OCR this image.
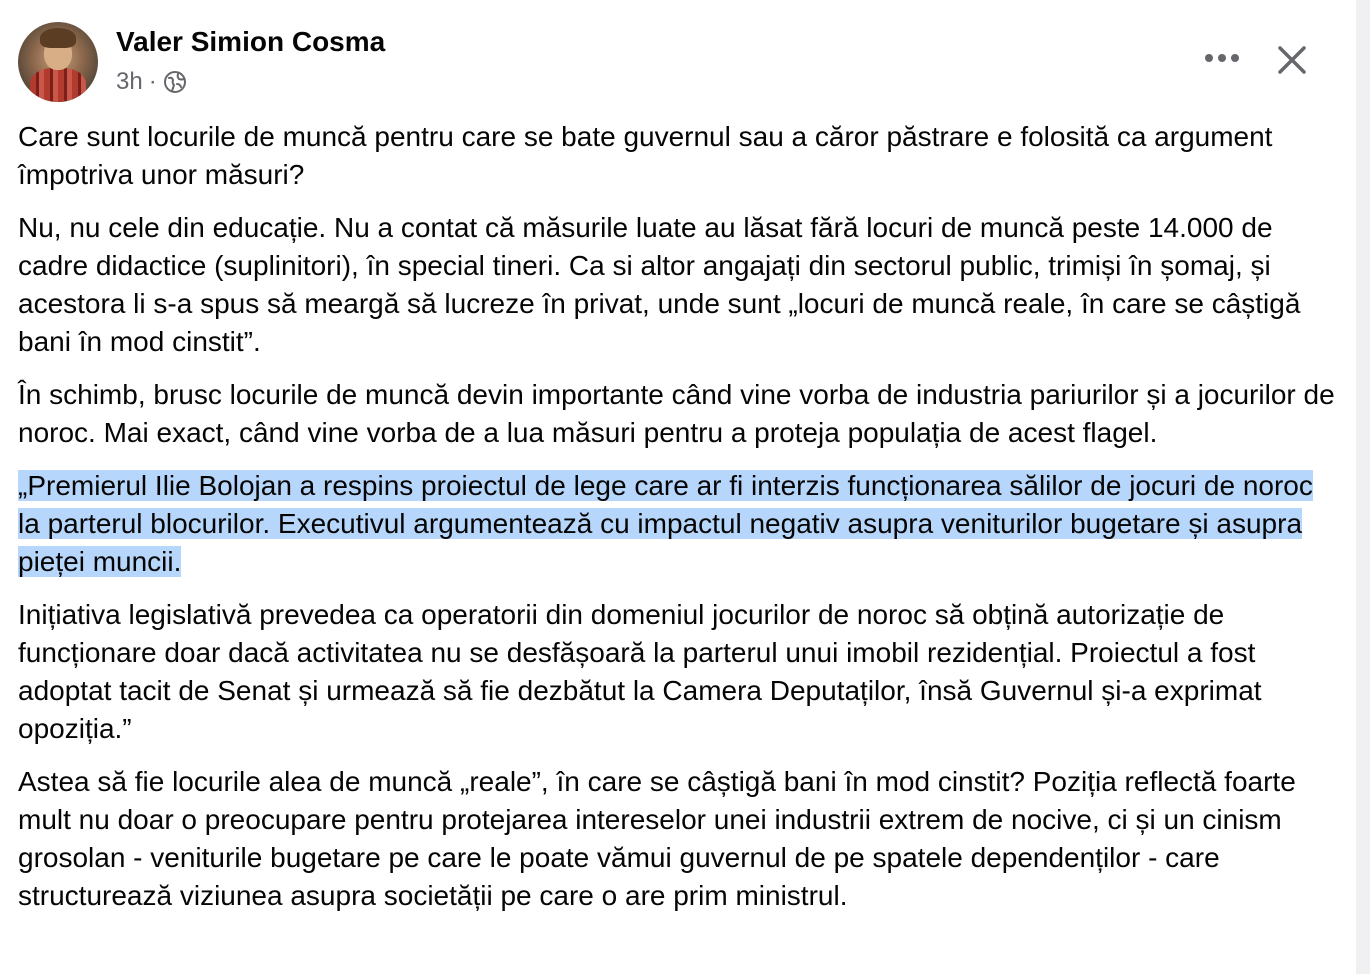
Valer Simion Cosma
3h ·

Care sunt locurile de muncă pentru care se bate guvernul sau a căror păstrare e folosită ca argument împotriva unor măsuri?

Nu, nu cele din educație. Nu a contat că măsurile luate au lăsat fără locuri de muncă peste 14.000 de cadre didactice (suplinitori), în special tineri. Ca si altor angajați din sectorul public, trimiși în șomaj, și acestora li s-a spus să meargă să lucreze în privat, unde sunt „locuri de muncă reale, în care se câștigă bani în mod cinstit”.

În schimb, brusc locurile de muncă devin importante când vine vorba de industria pariurilor și a jocurilor de noroc. Mai exact, când vine vorba de a lua măsuri pentru a proteja populația de acest flagel.

„Premierul Ilie Bolojan a respins proiectul de lege care ar fi interzis funcționarea sălilor de jocuri de noroc la parterul blocurilor. Executivul argumentează cu impactul negativ asupra veniturilor bugetare și asupra pieței muncii.

Inițiativa legislativă prevedea ca operatorii din domeniul jocurilor de noroc să obțină autorizație de funcționare doar dacă activitatea nu se desfășoară la parterul unui imobil rezidențial. Proiectul a fost adoptat tacit de Senat și urmează să fie dezbătut la Camera Deputaților, însă Guvernul și-a exprimat opoziția.”

Astea să fie locurile alea de muncă „reale”, în care se câștigă bani în mod cinstit? Poziția reflectă foarte mult nu doar o preocupare pentru protejarea intereselor unei industrii extrem de nocive, ci și un cinism grosolan - veniturile bugetare pe care le poate vămui guvernul de pe spatele dependenților - care structurează viziunea asupra societății pe care o are prim ministrul.
